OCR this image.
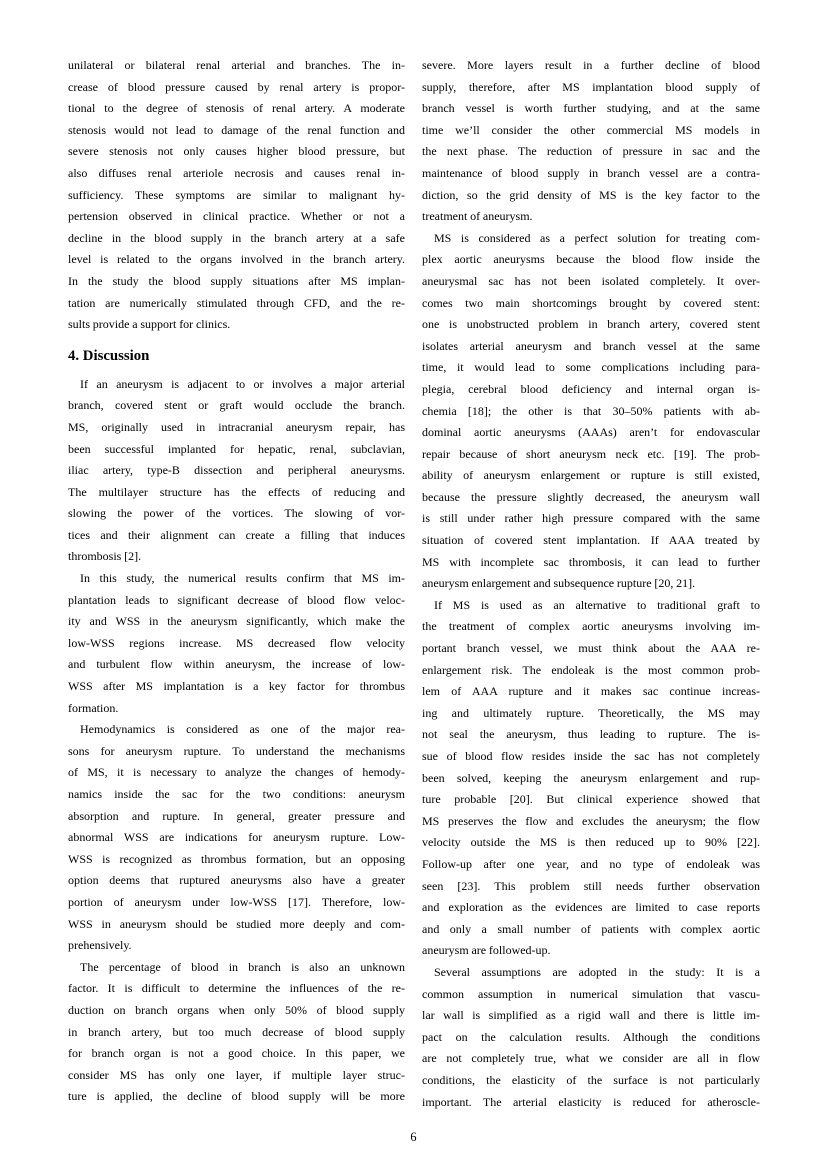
unilateral or bilateral renal arterial and branches. The in-
crease of blood pressure caused by renal artery is propor-
tional to the degree of stenosis of renal artery. A moderate
stenosis would not lead to damage of the renal function and
severe stenosis not only causes higher blood pressure, but
also diffuses renal arteriole necrosis and causes renal in-
sufficiency. These symptoms are similar to malignant hy-
pertension observed in clinical practice. Whether or not a
decline in the blood supply in the branch artery at a safe
level is related to the organs involved in the branch artery.
In the study the blood supply situations after MS implan-
tation are numerically stimulated through CFD, and the re-
sults provide a support for clinics.
4. Discussion
If an aneurysm is adjacent to or involves a major arterial
branch, covered stent or graft would occlude the branch.
MS, originally used in intracranial aneurysm repair, has
been successful implanted for hepatic, renal, subclavian,
iliac artery, type-B dissection and peripheral aneurysms.
The multilayer structure has the effects of reducing and
slowing the power of the vortices. The slowing of vor-
tices and their alignment can create a filling that induces
thrombosis [2].
In this study, the numerical results confirm that MS im-
plantation leads to significant decrease of blood flow veloc-
ity and WSS in the aneurysm significantly, which make the
low-WSS regions increase. MS decreased flow velocity
and turbulent flow within aneurysm, the increase of low-
WSS after MS implantation is a key factor for thrombus
formation.
Hemodynamics is considered as one of the major rea-
sons for aneurysm rupture. To understand the mechanisms
of MS, it is necessary to analyze the changes of hemody-
namics inside the sac for the two conditions: aneurysm
absorption and rupture. In general, greater pressure and
abnormal WSS are indications for aneurysm rupture. Low-
WSS is recognized as thrombus formation, but an opposing
option deems that ruptured aneurysms also have a greater
portion of aneurysm under low-WSS [17]. Therefore, low-
WSS in aneurysm should be studied more deeply and com-
prehensively.
The percentage of blood in branch is also an unknown
factor. It is difficult to determine the influences of the re-
duction on branch organs when only 50% of blood supply
in branch artery, but too much decrease of blood supply
for branch organ is not a good choice. In this paper, we
consider MS has only one layer, if multiple layer struc-
ture is applied, the decline of blood supply will be more
severe. More layers result in a further decline of blood
supply, therefore, after MS implantation blood supply of
branch vessel is worth further studying, and at the same
time we’ll consider the other commercial MS models in
the next phase. The reduction of pressure in sac and the
maintenance of blood supply in branch vessel are a contra-
diction, so the grid density of MS is the key factor to the
treatment of aneurysm.
MS is considered as a perfect solution for treating com-
plex aortic aneurysms because the blood flow inside the
aneurysmal sac has not been isolated completely. It over-
comes two main shortcomings brought by covered stent:
one is unobstructed problem in branch artery, covered stent
isolates arterial aneurysm and branch vessel at the same
time, it would lead to some complications including para-
plegia, cerebral blood deficiency and internal organ is-
chemia [18]; the other is that 30–50% patients with ab-
dominal aortic aneurysms (AAAs) aren’t for endovascular
repair because of short aneurysm neck etc. [19]. The prob-
ability of aneurysm enlargement or rupture is still existed,
because the pressure slightly decreased, the aneurysm wall
is still under rather high pressure compared with the same
situation of covered stent implantation. If AAA treated by
MS with incomplete sac thrombosis, it can lead to further
aneurysm enlargement and subsequence rupture [20, 21].
If MS is used as an alternative to traditional graft to
the treatment of complex aortic aneurysms involving im-
portant branch vessel, we must think about the AAA re-
enlargement risk. The endoleak is the most common prob-
lem of AAA rupture and it makes sac continue increas-
ing and ultimately rupture. Theoretically, the MS may
not seal the aneurysm, thus leading to rupture. The is-
sue of blood flow resides inside the sac has not completely
been solved, keeping the aneurysm enlargement and rup-
ture probable [20]. But clinical experience showed that
MS preserves the flow and excludes the aneurysm; the flow
velocity outside the MS is then reduced up to 90% [22].
Follow-up after one year, and no type of endoleak was
seen [23]. This problem still needs further observation
and exploration as the evidences are limited to case reports
and only a small number of patients with complex aortic
aneurysm are followed-up.
Several assumptions are adopted in the study: It is a
common assumption in numerical simulation that vascu-
lar wall is simplified as a rigid wall and there is little im-
pact on the calculation results. Although the conditions
are not completely true, what we consider are all in flow
conditions, the elasticity of the surface is not particularly
important. The arterial elasticity is reduced for atheroscle-
6
